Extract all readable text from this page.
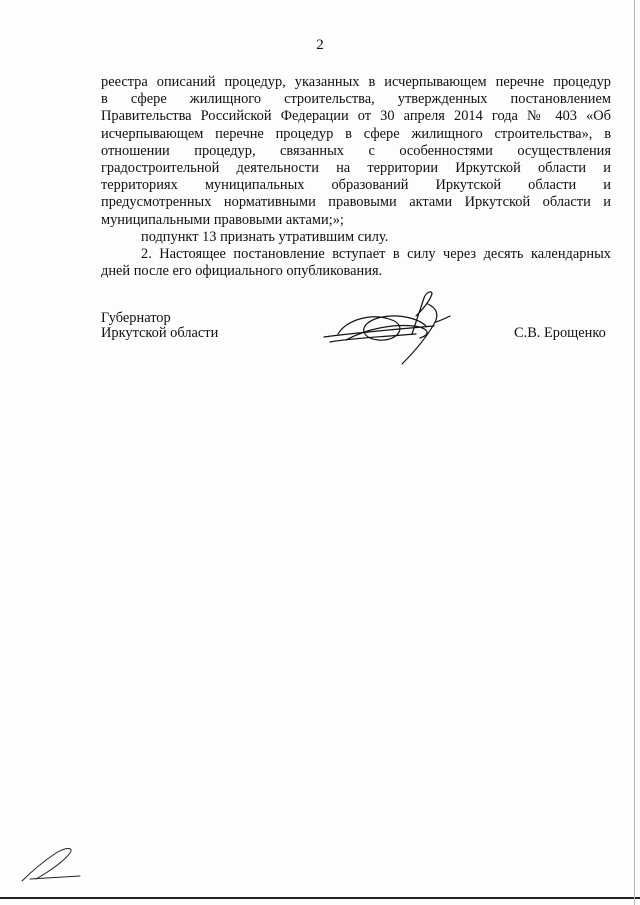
2

реестра описаний процедур, указанных в исчерпывающем перечне процедур

в сфере жилищного строительства, утвержденных постановлением

Правительства Российской Федерации от 30 апреля 2014 года № 403 «Об

исчерпывающем перечне процедур в сфере жилищного строительства», в

отношении процедур, связанных с особенностями осуществления

градостроительной деятельности на территории Иркутской области и

территориях муниципальных образований Иркутской области и

предусмотренных нормативными правовыми актами Иркутской области и

муниципальными правовыми актами;»;

подпункт 13 признать утратившим силу.

2. Настоящее постановление вступает в силу через десять календарных

дней после его официального опубликования.

Губернатор
Иркутской области	С.В. Ерощенко
